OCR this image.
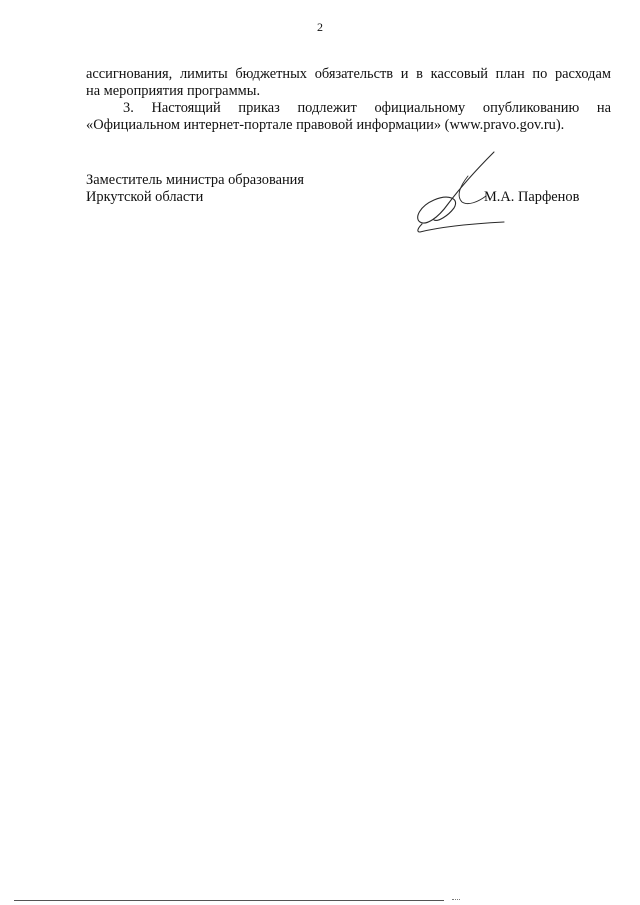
2
ассигнования, лимиты бюджетных обязательств и в кассовый план по расходам
на мероприятия программы.
3. Настоящий приказ подлежит официальному опубликованию на
«Официальном интернет-портале правовой информации» (www.pravo.gov.ru).
Заместитель министра образования
Иркутской области	М.А. Парфенов
